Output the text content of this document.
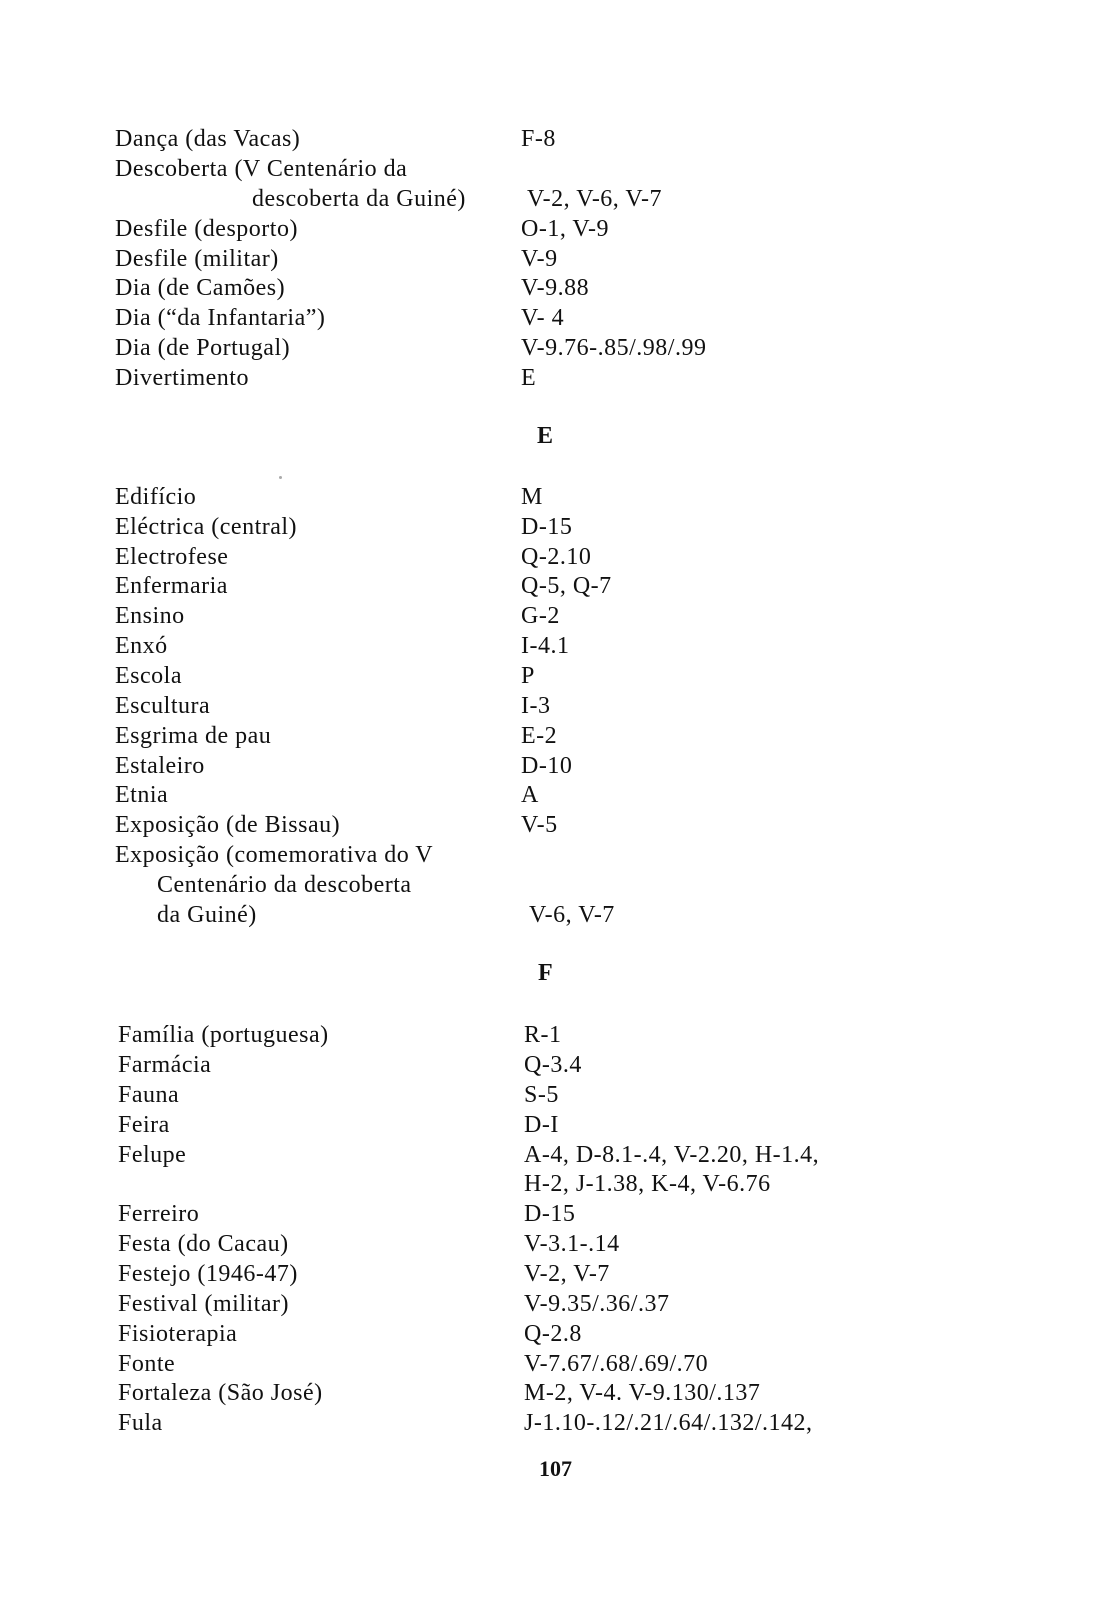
Dança (das Vacas)	F-8
Descoberta (V Centenário da
descoberta da Guiné)	V-2, V-6, V-7
Desfile (desporto)	O-1, V-9
Desfile (militar)	V-9
Dia (de Camões)	V-9.88
Dia (“da Infantaria”)	V- 4
Dia (de Portugal)	V-9.76-.85/.98/.99
Divertimento	E
E
Edifício	M
Eléctrica (central)	D-15
Electrofese	Q-2.10
Enfermaria	Q-5, Q-7
Ensino	G-2
Enxó	I-4.1
Escola	P
Escultura	I-3
Esgrima de pau	E-2
Estaleiro	D-10
Etnia	A
Exposição (de Bissau)	V-5
Exposição (comemorativa do V
Centenário da descoberta
da Guiné)	V-6, V-7
F
Família (portuguesa)	R-1
Farmácia	Q-3.4
Fauna	S-5
Feira	D-I
Felupe	A-4, D-8.1-.4, V-2.20, H-1.4,
H-2, J-1.38, K-4, V-6.76
Ferreiro	D-15
Festa (do Cacau)	V-3.1-.14
Festejo (1946-47)	V-2, V-7
Festival (militar)	V-9.35/.36/.37
Fisioterapia	Q-2.8
Fonte	V-7.67/.68/.69/.70
Fortaleza (São José)	M-2, V-4. V-9.130/.137
Fula	J-1.10-.12/.21/.64/.132/.142,
107
